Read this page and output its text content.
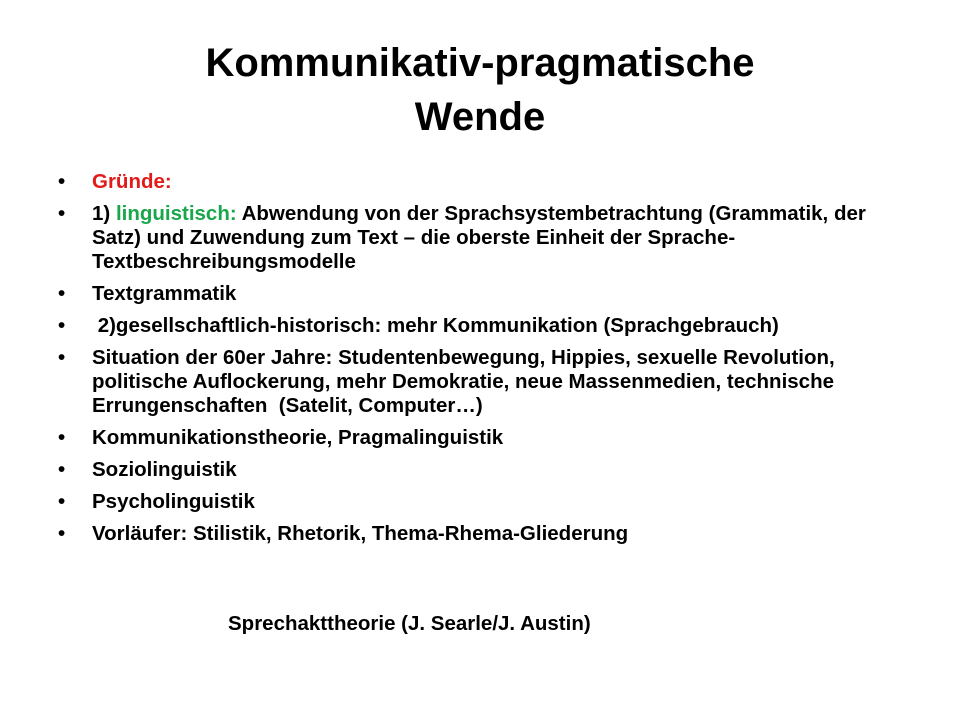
Kommunikativ-pragmatische
Wende
• Gründe:
• 1) linguistisch: Abwendung von der Sprachsystembetrachtung (Grammatik, der Satz) und Zuwendung zum Text – die oberste Einheit der Sprache- Textbeschreibungsmodelle
• Textgrammatik
• 2)gesellschaftlich-historisch: mehr Kommunikation (Sprachgebrauch)
• Situation der 60er Jahre: Studentenbewegung, Hippies, sexuelle Revolution, politische Auflockerung, mehr Demokratie, neue Massenmedien, technische Errungenschaften  (Satelit, Computer…)
• Kommunikationstheorie, Pragmalinguistik
• Soziolinguistik
• Psycholinguistik
• Vorläufer: Stilistik, Rhetorik, Thema-Rhema-Gliederung
Sprechakttheorie (J. Searle/J. Austin)
